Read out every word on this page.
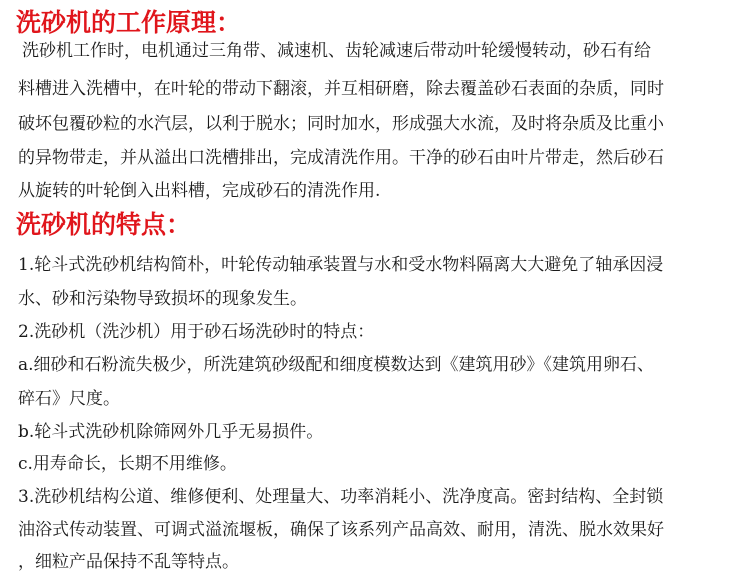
洗砂机的工作原理：
洗砂机工作时，电机通过三角带、减速机、齿轮减速后带动叶轮缓慢转动，砂石有给
料槽进入洗槽中，在叶轮的带动下翻滚，并互相研磨，除去覆盖砂石表面的杂质，同时
破坏包覆砂粒的水汽层，以利于脱水；同时加水，形成强大水流，及时将杂质及比重小
的异物带走，并从溢出口洗槽排出，完成清洗作用。干净的砂石由叶片带走，然后砂石
从旋转的叶轮倒入出料槽，完成砂石的清洗作用.
洗砂机的特点：
1.轮斗式洗砂机结构简朴，叶轮传动轴承装置与水和受水物料隔离大大避免了轴承因浸
水、砂和污染物导致损坏的现象发生。
2.洗砂机（洗沙机）用于砂石场洗砂时的特点：
a.细砂和石粉流失极少，所洗建筑砂级配和细度模数达到《建筑用砂》《建筑用卵石、
碎石》尺度。
b.轮斗式洗砂机除筛网外几乎无易损件。
c.用寿命长，长期不用维修。
3.洗砂机结构公道、维修便利、处理量大、功率消耗小、洗净度高。密封结构、全封锁
油浴式传动装置、可调式溢流堰板，确保了该系列产品高效、耐用，清洗、脱水效果好
，细粒产品保持不乱等特点。
